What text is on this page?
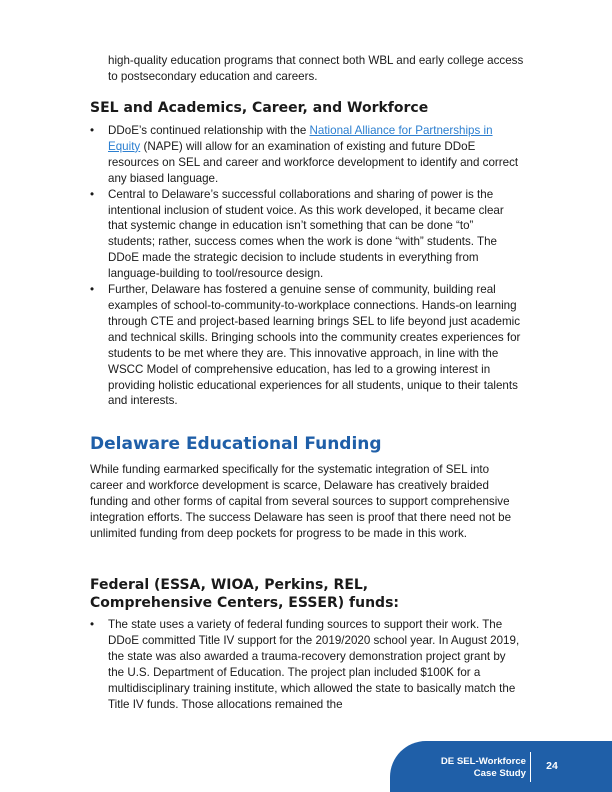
high-quality education programs that connect both WBL and early college access to postsecondary education and careers.

SEL and Academics, Career, and Workforce
•	DDoE’s continued relationship with the National Alliance for Partnerships in Equity (NAPE) will allow for an examination of existing and future DDoE resources on SEL and career and workforce development to identify and correct any biased language.
•	Central to Delaware’s successful collaborations and sharing of power is the intentional inclusion of student voice. As this work developed, it became clear that systemic change in education isn’t something that can be done “to” students; rather, success comes when the work is done “with” students. The DDoE made the strategic decision to include students in everything from language-building to tool/resource design.
•	Further, Delaware has fostered a genuine sense of community, building real examples of school-to-community-to-workplace connections. Hands-on learning through CTE and project-based learning brings SEL to life beyond just academic and technical skills. Bringing schools into the community creates experiences for students to be met where they are. This innovative approach, in line with the WSCC Model of comprehensive education, has led to a growing interest in providing holistic educational experiences for all students, unique to their talents and interests.
Delaware Educational Funding

While funding earmarked specifically for the systematic integration of SEL into career and workforce development is scarce, Delaware has creatively braided funding and other forms of capital from several sources to support comprehensive integration efforts. The success Delaware has seen is proof that there need not be unlimited funding from deep pockets for progress to be made in this work.

Federal (ESSA, WIOA, Perkins, REL,
Comprehensive Centers, ESSER) funds:
•	The state uses a variety of federal funding sources to support their work. The DDoE committed Title IV support for the 2019/2020 school year. In August 2019, the state was also awarded a trauma-recovery demonstration project grant by the U.S. Department of Education. The project plan included $100K for a multidisciplinary training institute, which allowed the state to basically match the Title IV funds. Those allocations remained the
DE SEL-Workforce
Case Study
24
